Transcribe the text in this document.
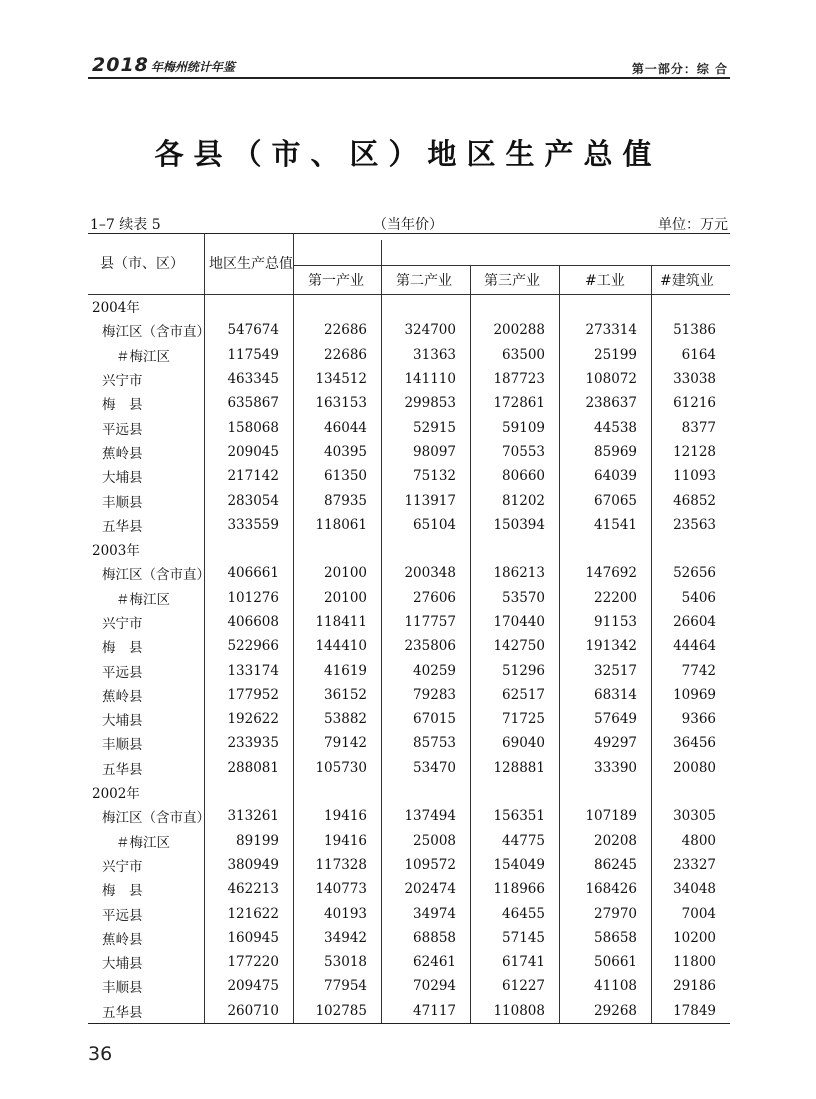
2018 年梅州统计年鉴	第一部分：综 合
各县（市、区）地区生产总值
1–7 续表 5	（当年价）	单位：万元
县（市、区） 地区生产总值
第一产业 第二产业 第三产业	#工业	#建筑业
2004年						
梅江区（含市直）	547674	22686	324700	200288	273314	51386
＃梅江区	117549	22686	31363	63500	25199	6164
兴宁市	463345	134512	141110	187723	108072	33038
梅　县	635867	163153	299853	172861	238637	61216
平远县	158068	46044	52915	59109	44538	8377
蕉岭县	209045	40395	98097	70553	85969	12128
大埔县	217142	61350	75132	80660	64039	11093
丰顺县	283054	87935	113917	81202	67065	46852
五华县	333559	118061	65104	150394	41541	23563
2003年						
梅江区（含市直）	406661	20100	200348	186213	147692	52656
＃梅江区	101276	20100	27606	53570	22200	5406
兴宁市	406608	118411	117757	170440	91153	26604
梅　县	522966	144410	235806	142750	191342	44464
平远县	133174	41619	40259	51296	32517	7742
蕉岭县	177952	36152	79283	62517	68314	10969
大埔县	192622	53882	67015	71725	57649	9366
丰顺县	233935	79142	85753	69040	49297	36456
五华县	288081	105730	53470	128881	33390	20080
2002年						
梅江区（含市直）	313261	19416	137494	156351	107189	30305
＃梅江区	89199	19416	25008	44775	20208	4800
兴宁市	380949	117328	109572	154049	86245	23327
梅　县	462213	140773	202474	118966	168426	34048
平远县	121622	40193	34974	46455	27970	7004
蕉岭县	160945	34942	68858	57145	58658	10200
大埔县	177220	53018	62461	61741	50661	11800
丰顺县	209475	77954	70294	61227	41108	29186
五华县	260710	102785	47117	110808	29268	17849
36
